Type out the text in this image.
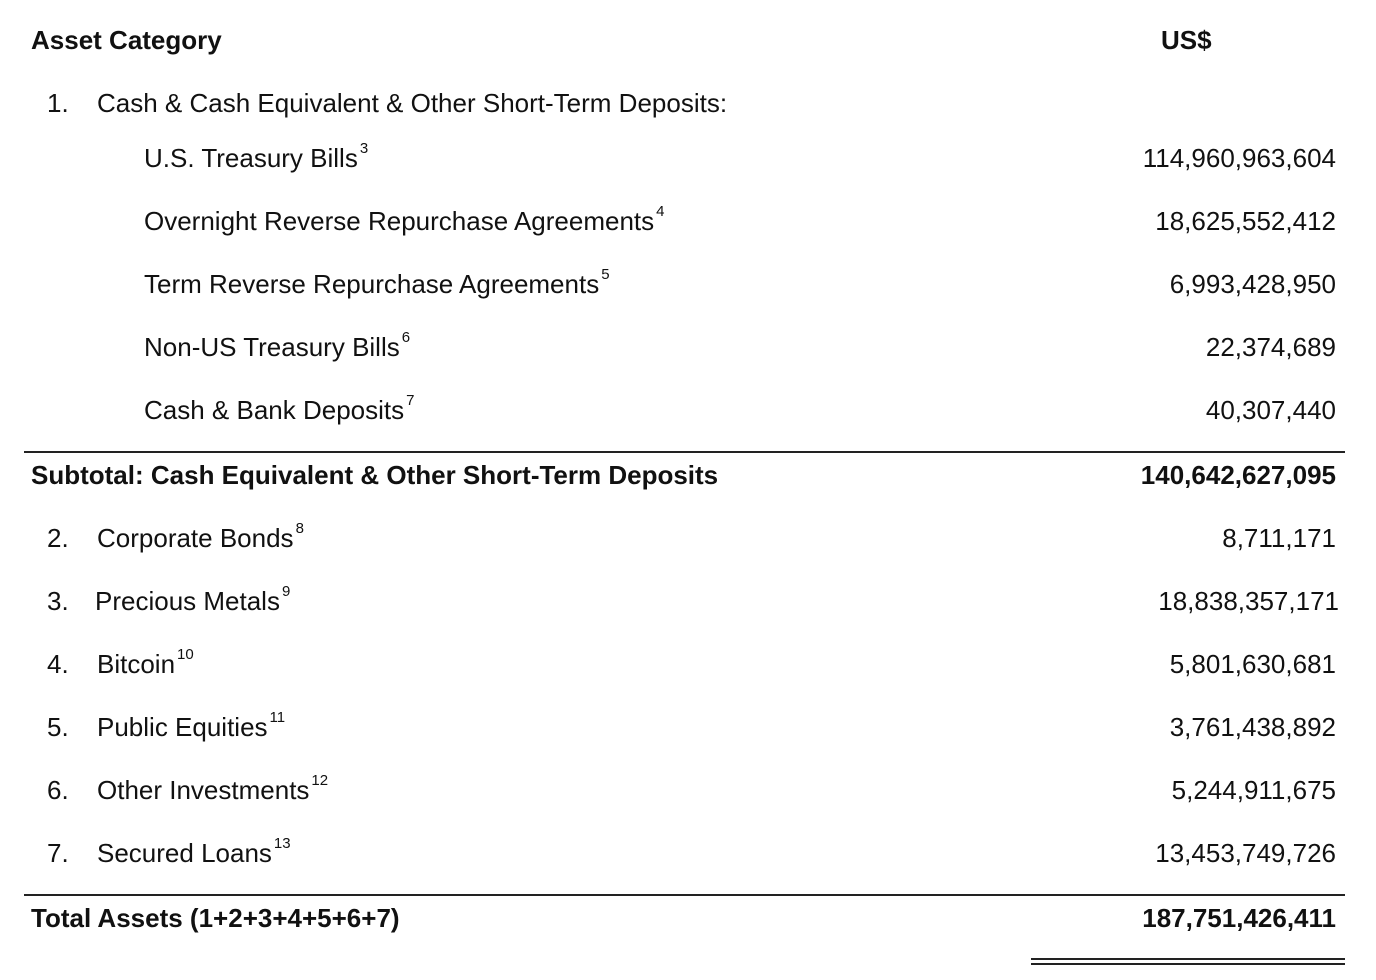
Asset Category	US$
1. Cash & Cash Equivalent & Other Short-Term Deposits:
U.S. Treasury Bills $^3$	114,960,963,604
Overnight Reverse Repurchase Agreements $^4$	18,625,552,412
Term Reverse Repurchase Agreements $^5$	6,993,428,950
Non-US Treasury Bills $^6$	22,374,689
Cash & Bank Deposits $^7$	40,307,440
Subtotal: Cash Equivalent & Other Short-Term Deposits	140,642,627,095
2. Corporate Bonds $^8$	8,711,171
3. Precious Metals $^9$	18,838,357,171
4. Bitcoin $^{10}$	5,801,630,681
5. Public Equities $^{11}$	3,761,438,892
6. Other Investments $^{12}$	5,244,911,675
7. Secured Loans $^{13}$	13,453,749,726
Total Assets (1+2+3+4+5+6+7)	187,751,426,411
